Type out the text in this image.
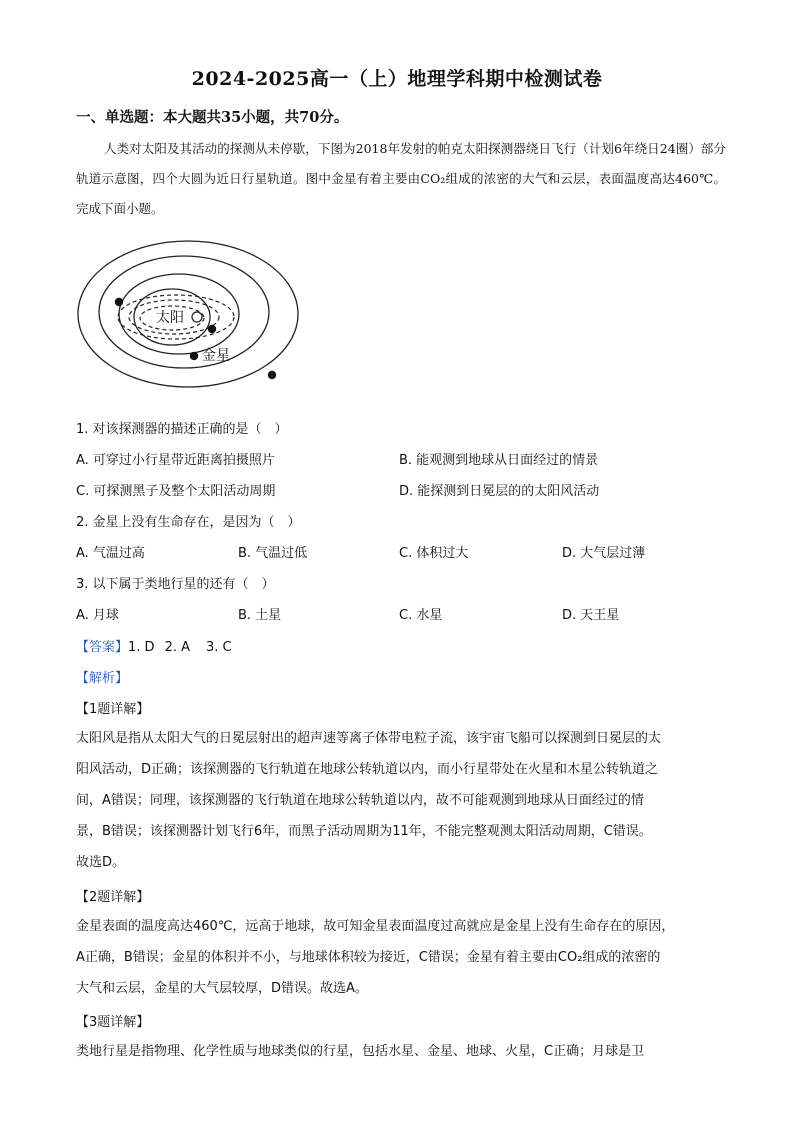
2024-2025高一（上）地理学科期中检测试卷
一、单选题：本大题共35小题，共70分。
人类对太阳及其活动的探测从未停歇，下图为2018年发射的帕克太阳探测器绕日飞行（计划6年绕日24圈）部分轨道示意图，四个大圆为近日行星轨道。图中金星有着主要由CO₂组成的浓密的大气和云层，表面温度高达460℃。完成下面小题。
太阳
金星
1. 对该探测器的描述正确的是（　）
A. 可穿过小行星带近距离拍摄照片	B. 能观测到地球从日面经过的情景
C. 可探测黑子及整个太阳活动周期	D. 能探测到日冕层的的太阳风活动
2. 金星上没有生命存在，是因为（　）
A. 气温过高	B. 气温过低	C. 体积过大	D. 大气层过薄
3. 以下属于类地行星的还有（　）
A. 月球	B. 土星	C. 水星	D. 天王星
【答案】1. D 2. A 3. C
【解析】
【1题详解】
太阳风是指从太阳大气的日冕层射出的超声速等离子体带电粒子流，该宇宙飞船可以探测到日冕层的太
阳风活动，D正确；该探测器的飞行轨道在地球公转轨道以内，而小行星带处在火星和木星公转轨道之
间，A错误；同理，该探测器的飞行轨道在地球公转轨道以内，故不可能观测到地球从日面经过的情
景，B错误；该探测器计划飞行6年，而黑子活动周期为11年，不能完整观测太阳活动周期，C错误。
故选D。
【2题详解】
金星表面的温度高达460℃，远高于地球，故可知金星表面温度过高就应是金星上没有生命存在的原因，
A正确，B错误；金星的体积并不小，与地球体积较为接近，C错误；金星有着主要由CO₂组成的浓密的
大气和云层，金星的大气层较厚，D错误。故选A。
【3题详解】
类地行星是指物理、化学性质与地球类似的行星，包括水星、金星、地球、火星，C正确；月球是卫
